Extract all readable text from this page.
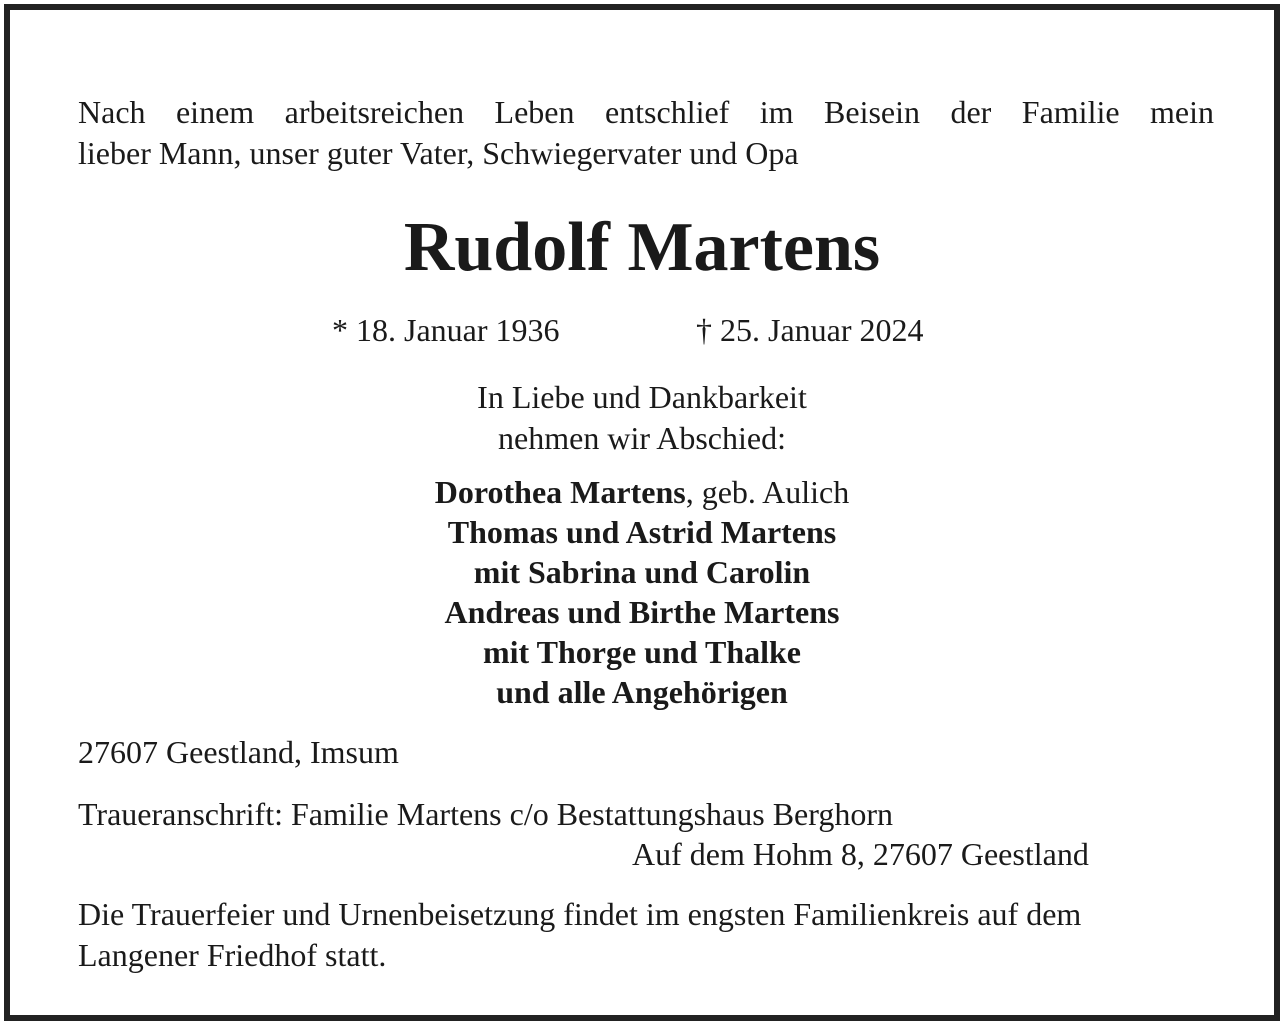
Nach einem arbeitsreichen Leben entschlief im Beisein der Familie mein
lieber Mann, unser guter Vater, Schwiegervater und Opa
Rudolf Martens
* 18. Januar 1936	† 25. Januar 2024
In Liebe und Dankbarkeit
nehmen wir Abschied:
Dorothea Martens, geb. Aulich
Thomas und Astrid Martens
mit Sabrina und Carolin
Andreas und Birthe Martens
mit Thorge und Thalke
und alle Angehörigen
27607 Geestland, Imsum
Traueranschrift: Familie Martens c/o Bestattungshaus Berghorn
Auf dem Hohm 8, 27607 Geestland
Die Trauerfeier und Urnenbeisetzung findet im engsten Familienkreis auf dem
Langener Friedhof statt.
